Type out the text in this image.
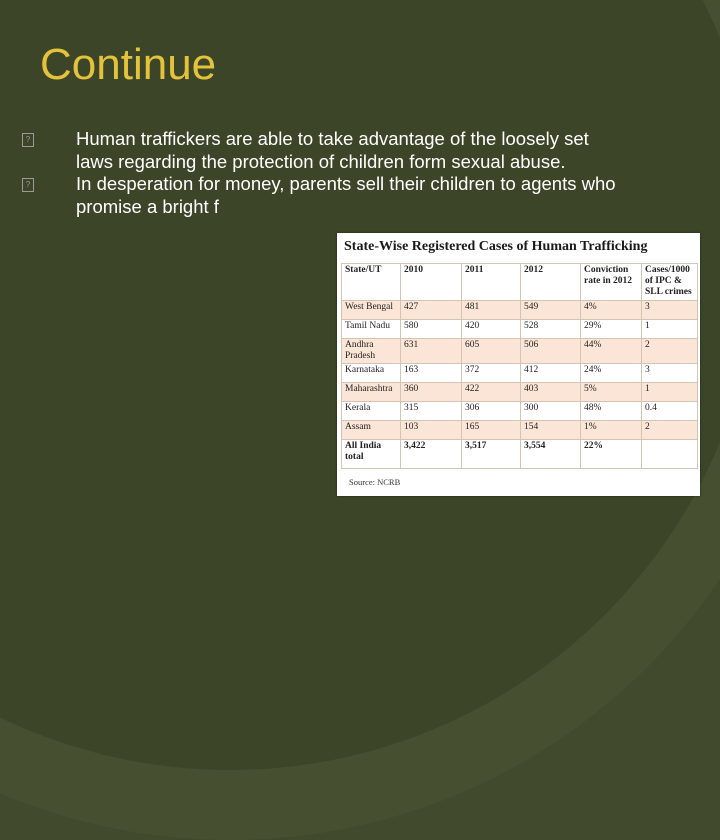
Continue
? Human traffickers are able to take advantage of the loosely set laws regarding the protection of children form sexual abuse.
? In desperation for money, parents sell their children to agents who promise a bright f
State-Wise Registered Cases of Human Trafficking
State/UT	2010	2011	2012	Conviction rate in 2012	Cases/1000 of IPC & SLL crimes
West Bengal	427	481	549	4%	3
Tamil Nadu	580	420	528	29%	1
Andhra Pradesh	631	605	506	44%	2
Karnataka	163	372	412	24%	3
Maharashtra	360	422	403	5%	1
Kerala	315	306	300	48%	0.4
Assam	103	165	154	1%	2
All India total	3,422	3,517	3,554	22%	

Source: NCRB
